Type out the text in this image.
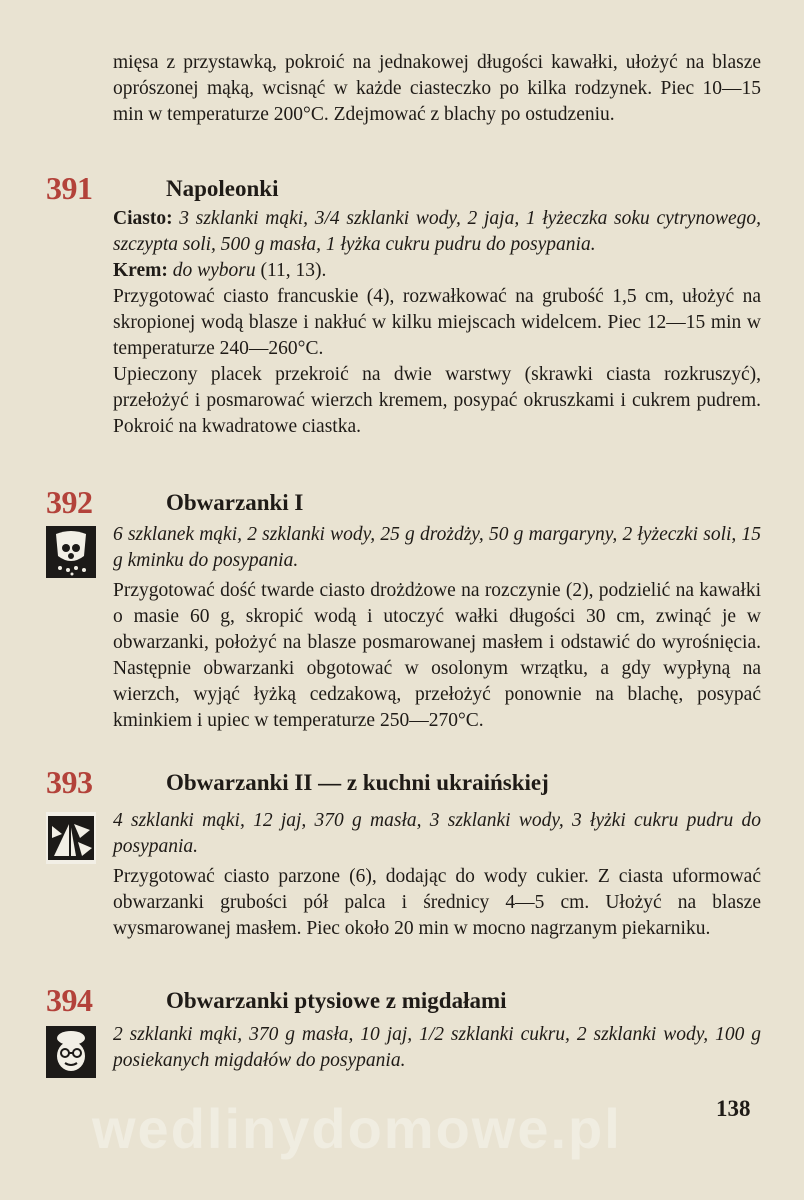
mięsa z przystawką, pokroić na jednakowej długości kawałki, ułożyć na blasze oprószonej mąką, wcisnąć w każde ciasteczko po kilka rodzynek. Piec 10—15 min w temperaturze 200°C. Zdejmować z blachy po ostudzeniu.

391	Napoleonki

Ciasto: 3 szklanki mąki, 3/4 szklanki wody, 2 jaja, 1 łyżeczka soku cytrynowego, szczypta soli, 500 g masła, 1 łyżka cukru pudru do posypania.

Krem: do wyboru (11, 13).

Przygotować ciasto francuskie (4), rozwałkować na grubość 1,5 cm, ułożyć na skropionej wodą blasze i nakłuć w kilku miejscach widelcem. Piec 12—15 min w temperaturze 240—260°C.

Upieczony placek przekroić na dwie warstwy (skrawki ciasta rozkruszyć), przełożyć i posmarować wierzch kremem, posypać okruszkami i cukrem pudrem. Pokroić na kwadratowe ciastka.

392	Obwarzanki I

6 szklanek mąki, 2 szklanki wody, 25 g drożdży, 50 g margaryny, 2 łyżeczki soli, 15 g kminku do posypania.

Przygotować dość twarde ciasto drożdżowe na rozczynie (2), podzielić na kawałki o masie 60 g, skropić wodą i utoczyć wałki długości 30 cm, zwinąć je w obwarzanki, położyć na blasze posmarowanej masłem i odstawić do wyrośnięcia. Następnie obwarzanki obgotować w osolonym wrzątku, a gdy wypłyną na wierzch, wyjąć łyżką cedzakową, przełożyć ponownie na blachę, posypać kminkiem i upiec w temperaturze 250—270°C.

393	Obwarzanki II — z kuchni ukraińskiej

4 szklanki mąki, 12 jaj, 370 g masła, 3 szklanki wody, 3 łyżki cukru pudru do posypania.

Przygotować ciasto parzone (6), dodając do wody cukier. Z ciasta uformować obwarzanki grubości pół palca i średnicy 4—5 cm. Ułożyć na blasze wysmarowanej masłem. Piec około 20 min w mocno nagrzanym piekarniku.

394	Obwarzanki ptysiowe z migdałami

2 szklanki mąki, 370 g masła, 10 jaj, 1/2 szklanki cukru, 2 szklanki wody, 100 g posiekanych migdałów do posypania.

wedlinydomowe.pl	138
